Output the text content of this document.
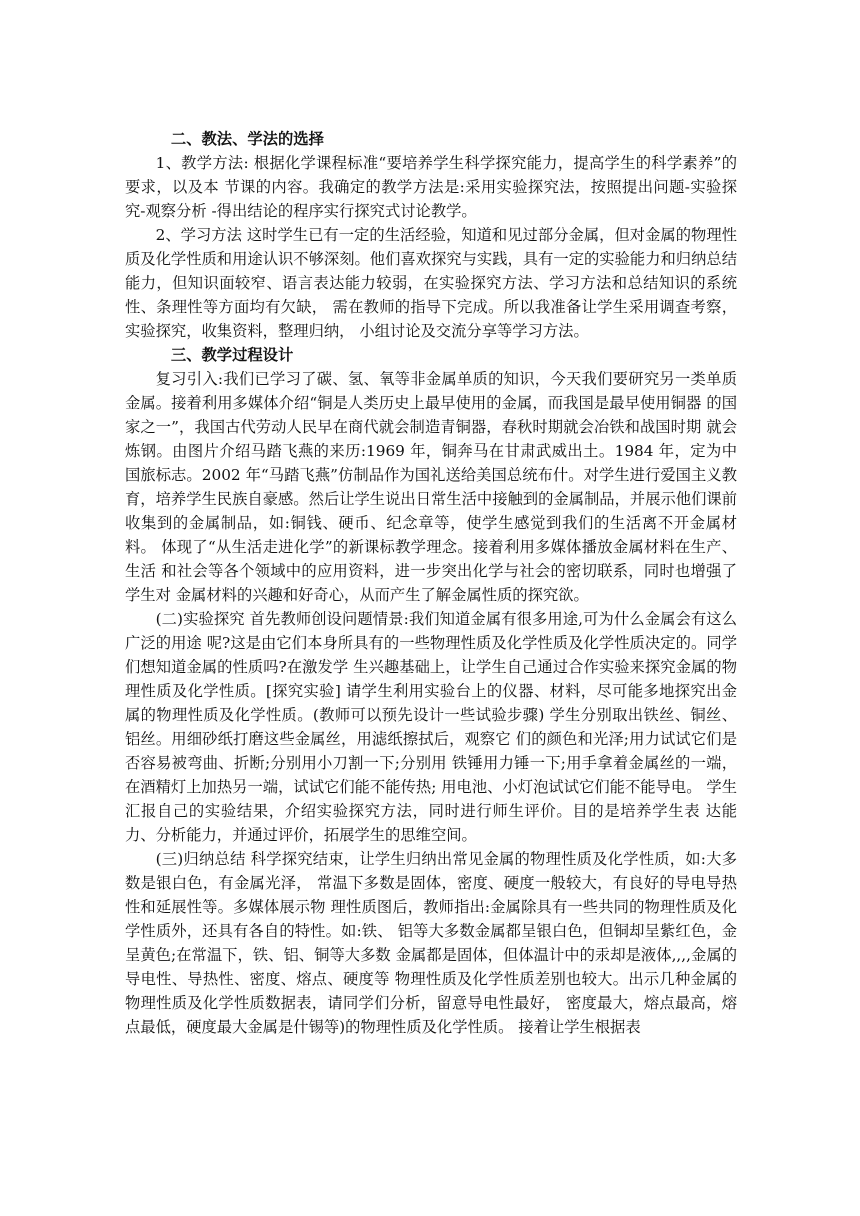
二、教法、学法的选择

1、教学方法: 根据化学课程标准“要培养学生科学探究能力，提高学生的科学素养”的要求，以及本 节课的内容。我确定的教学方法是:采用实验探究法，按照提出问题-实验探究-观察分析 -得出结论的程序实行探究式讨论教学。

2、学习方法 这时学生已有一定的生活经验，知道和见过部分金属，但对金属的物理性质及化学性质和用途认识不够深刻。他们喜欢探究与实践，具有一定的实验能力和归纳总结能力，但知识面较窄、语言表达能力较弱，在实验探究方法、学习方法和总结知识的系统性、条理性等方面均有欠缺， 需在教师的指导下完成。所以我准备让学生采用调查考察，实验探究，收集资料，整理归纳， 小组讨论及交流分享等学习方法。

三、教学过程设计

复习引入:我们已学习了碳、氢、氧等非金属单质的知识，今天我们要研究另一类单质金属。接着利用多媒体介绍“铜是人类历史上最早使用的金属，而我国是最早使用铜器 的国家之一”，我国古代劳动人民早在商代就会制造青铜器，春秋时期就会冶铁和战国时期 就会炼钢。由图片介绍马踏飞燕的来历:1969 年，铜奔马在甘肃武威出土。1984 年，定为中 国旅标志。2002 年“马踏飞燕”仿制品作为国礼送给美国总统布什。对学生进行爱国主义教 育，培养学生民族自豪感。然后让学生说出日常生活中接触到的金属制品，并展示他们课前 收集到的金属制品，如:铜钱、硬币、纪念章等，使学生感觉到我们的生活离不开金属材料。 体现了“从生活走进化学”的新课标教学理念。接着利用多媒体播放金属材料在生产、生活 和社会等各个领域中的应用资料，进一步突出化学与社会的密切联系，同时也增强了学生对 金属材料的兴趣和好奇心，从而产生了解金属性质的探究欲。

(二)实验探究 首先教师创设问题情景:我们知道金属有很多用途,可为什么金属会有这么广泛的用途 呢?这是由它们本身所具有的一些物理性质及化学性质及化学性质决定的。同学们想知道金属的性质吗?在激发学 生兴趣基础上，让学生自己通过合作实验来探究金属的物理性质及化学性质。[探究实验] 请学生利用实验台上的仪器、材料，尽可能多地探究出金属的物理性质及化学性质。(教师可以预先设计一些试验步骤) 学生分别取出铁丝、铜丝、铝丝。用细砂纸打磨这些金属丝，用滤纸擦拭后，观察它 们的颜色和光泽;用力试试它们是否容易被弯曲、折断;分别用小刀割一下;分别用 铁锤用力锤一下;用手拿着金属丝的一端，在酒精灯上加热另一端，试试它们能不能传热; 用电池、小灯泡试试它们能不能导电。 学生汇报自己的实验结果，介绍实验探究方法，同时进行师生评价。目的是培养学生表 达能力、分析能力，并通过评价，拓展学生的思维空间。

(三)归纳总结 科学探究结束，让学生归纳出常见金属的物理性质及化学性质，如:大多数是银白色，有金属光泽， 常温下多数是固体，密度、硬度一般较大，有良好的导电导热性和延展性等。多媒体展示物 理性质图后，教师指出:金属除具有一些共同的物理性质及化学性质外，还具有各自的特性。如:铁、 铝等大多数金属都呈银白色，但铜却呈紫红色，金呈黄色;在常温下，铁、铝、铜等大多数 金属都是固体，但体温计中的汞却是液体,,,,金属的导电性、导热性、密度、熔点、硬度等 物理性质及化学性质差别也较大。出示几种金属的物理性质及化学性质数据表，请同学们分析，留意导电性最好， 密度最大，熔点最高，熔点最低，硬度最大金属是什锡等)的物理性质及化学性质。 接着让学生根据表
